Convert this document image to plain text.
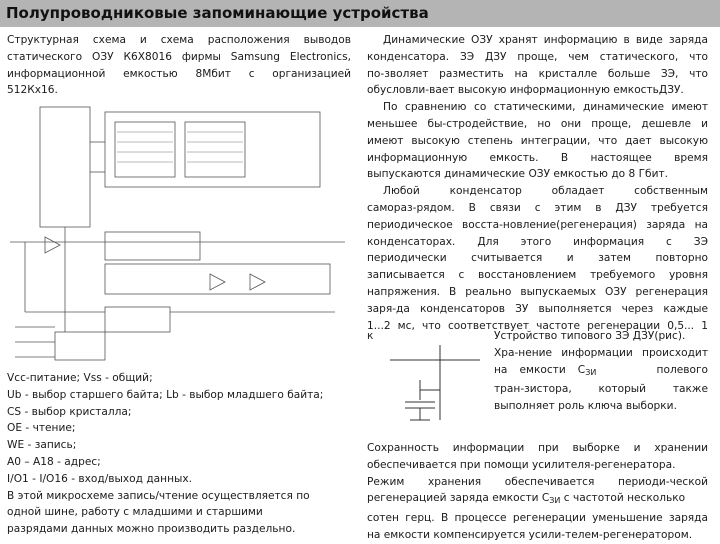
Полупроводниковые запоминающие устройства
Структурная схема и схема расположения выводов
статического ОЗУ К6Х8016 фирмы Samsung Electronics,
информационной емкостью 8Мбит с организацией
512Кх16.
Vcc-питание; Vss - общий;
Ub - выбор старшего байта; Lb - выбор младшего байта;
CS - выбор кристалла;
ОЕ - чтение;
WE - запись;
A0 – A18 - адрес;
I/O1 - I/O16 - вход/выход данных.
В этой микросхеме запись/чтение осуществляется по
одной шине, работу с младшими и старшими
разрядами данных можно производить раздельно.
Динамические ОЗУ хранят информацию в виде заряда
конденсатора. ЗЭ ДЗУ проще, чем статического, что
по-зволяет разместить на кристалле больше ЗЭ, что
обусловли-вает высокую информационную емкостьДЗУ.
По сравнению со статическими, динамические имеют
меньшее бы-стродействие, но они проще, дешевле и
имеют высокую степень интеграции, что дает высокую
информационную емкость. В настоящее время
выпускаются динамические ОЗУ емкостью до 8 Гбит.
Любой конденсатор обладает собственным
самораз-рядом. В связи с этим в ДЗУ требуется
периодическое восста-новление(регенерация) заряда на
конденсаторах. Для этого информация с ЗЭ
периодически считывается и затем повторно
записывается с восстановлением требуемого уровня
напряжения. В реально выпускаемых ОЗУ регенерация
заря-да конденсаторов ЗУ выполняется через каждые
1...2 мс, что соответствует частоте регенерации 0,5... 1
к	Устройство типового ЗЭ ДЗУ(рис).
Хра-нение информации происходит
на емкости $C_{ЗИ}$	полевого
тран-зистора, который также
выполняет роль ключа выборки.
Сохранность информации при выборке и хранении
обеспечивается при помощи усилителя-регенератора.
Режим хранения обеспечивается периоди-ческой
регенерацией заряда емкости $C_{ЗИ}$ с частотой несколько
сотен герц. В процессе регенерации уменьшение заряда
на емкости компенсируется усили-телем-регенератором.
